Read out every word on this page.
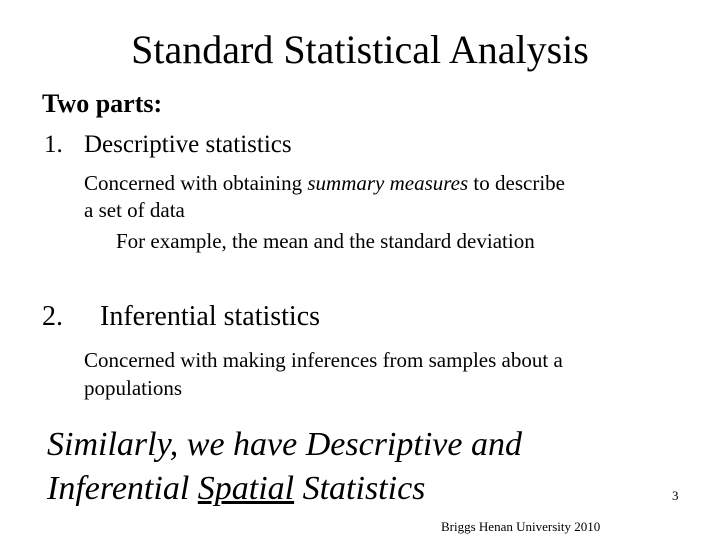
Standard Statistical Analysis
Two parts:
1. Descriptive statistics
Concerned with obtaining summary measures to describe
a set of data
For example, the mean and the standard deviation
2. Inferential statistics
Concerned with making inferences from samples about a
populations
Similarly, we have Descriptive and
Inferential Spatial Statistics	3
Briggs Henan University 2010
